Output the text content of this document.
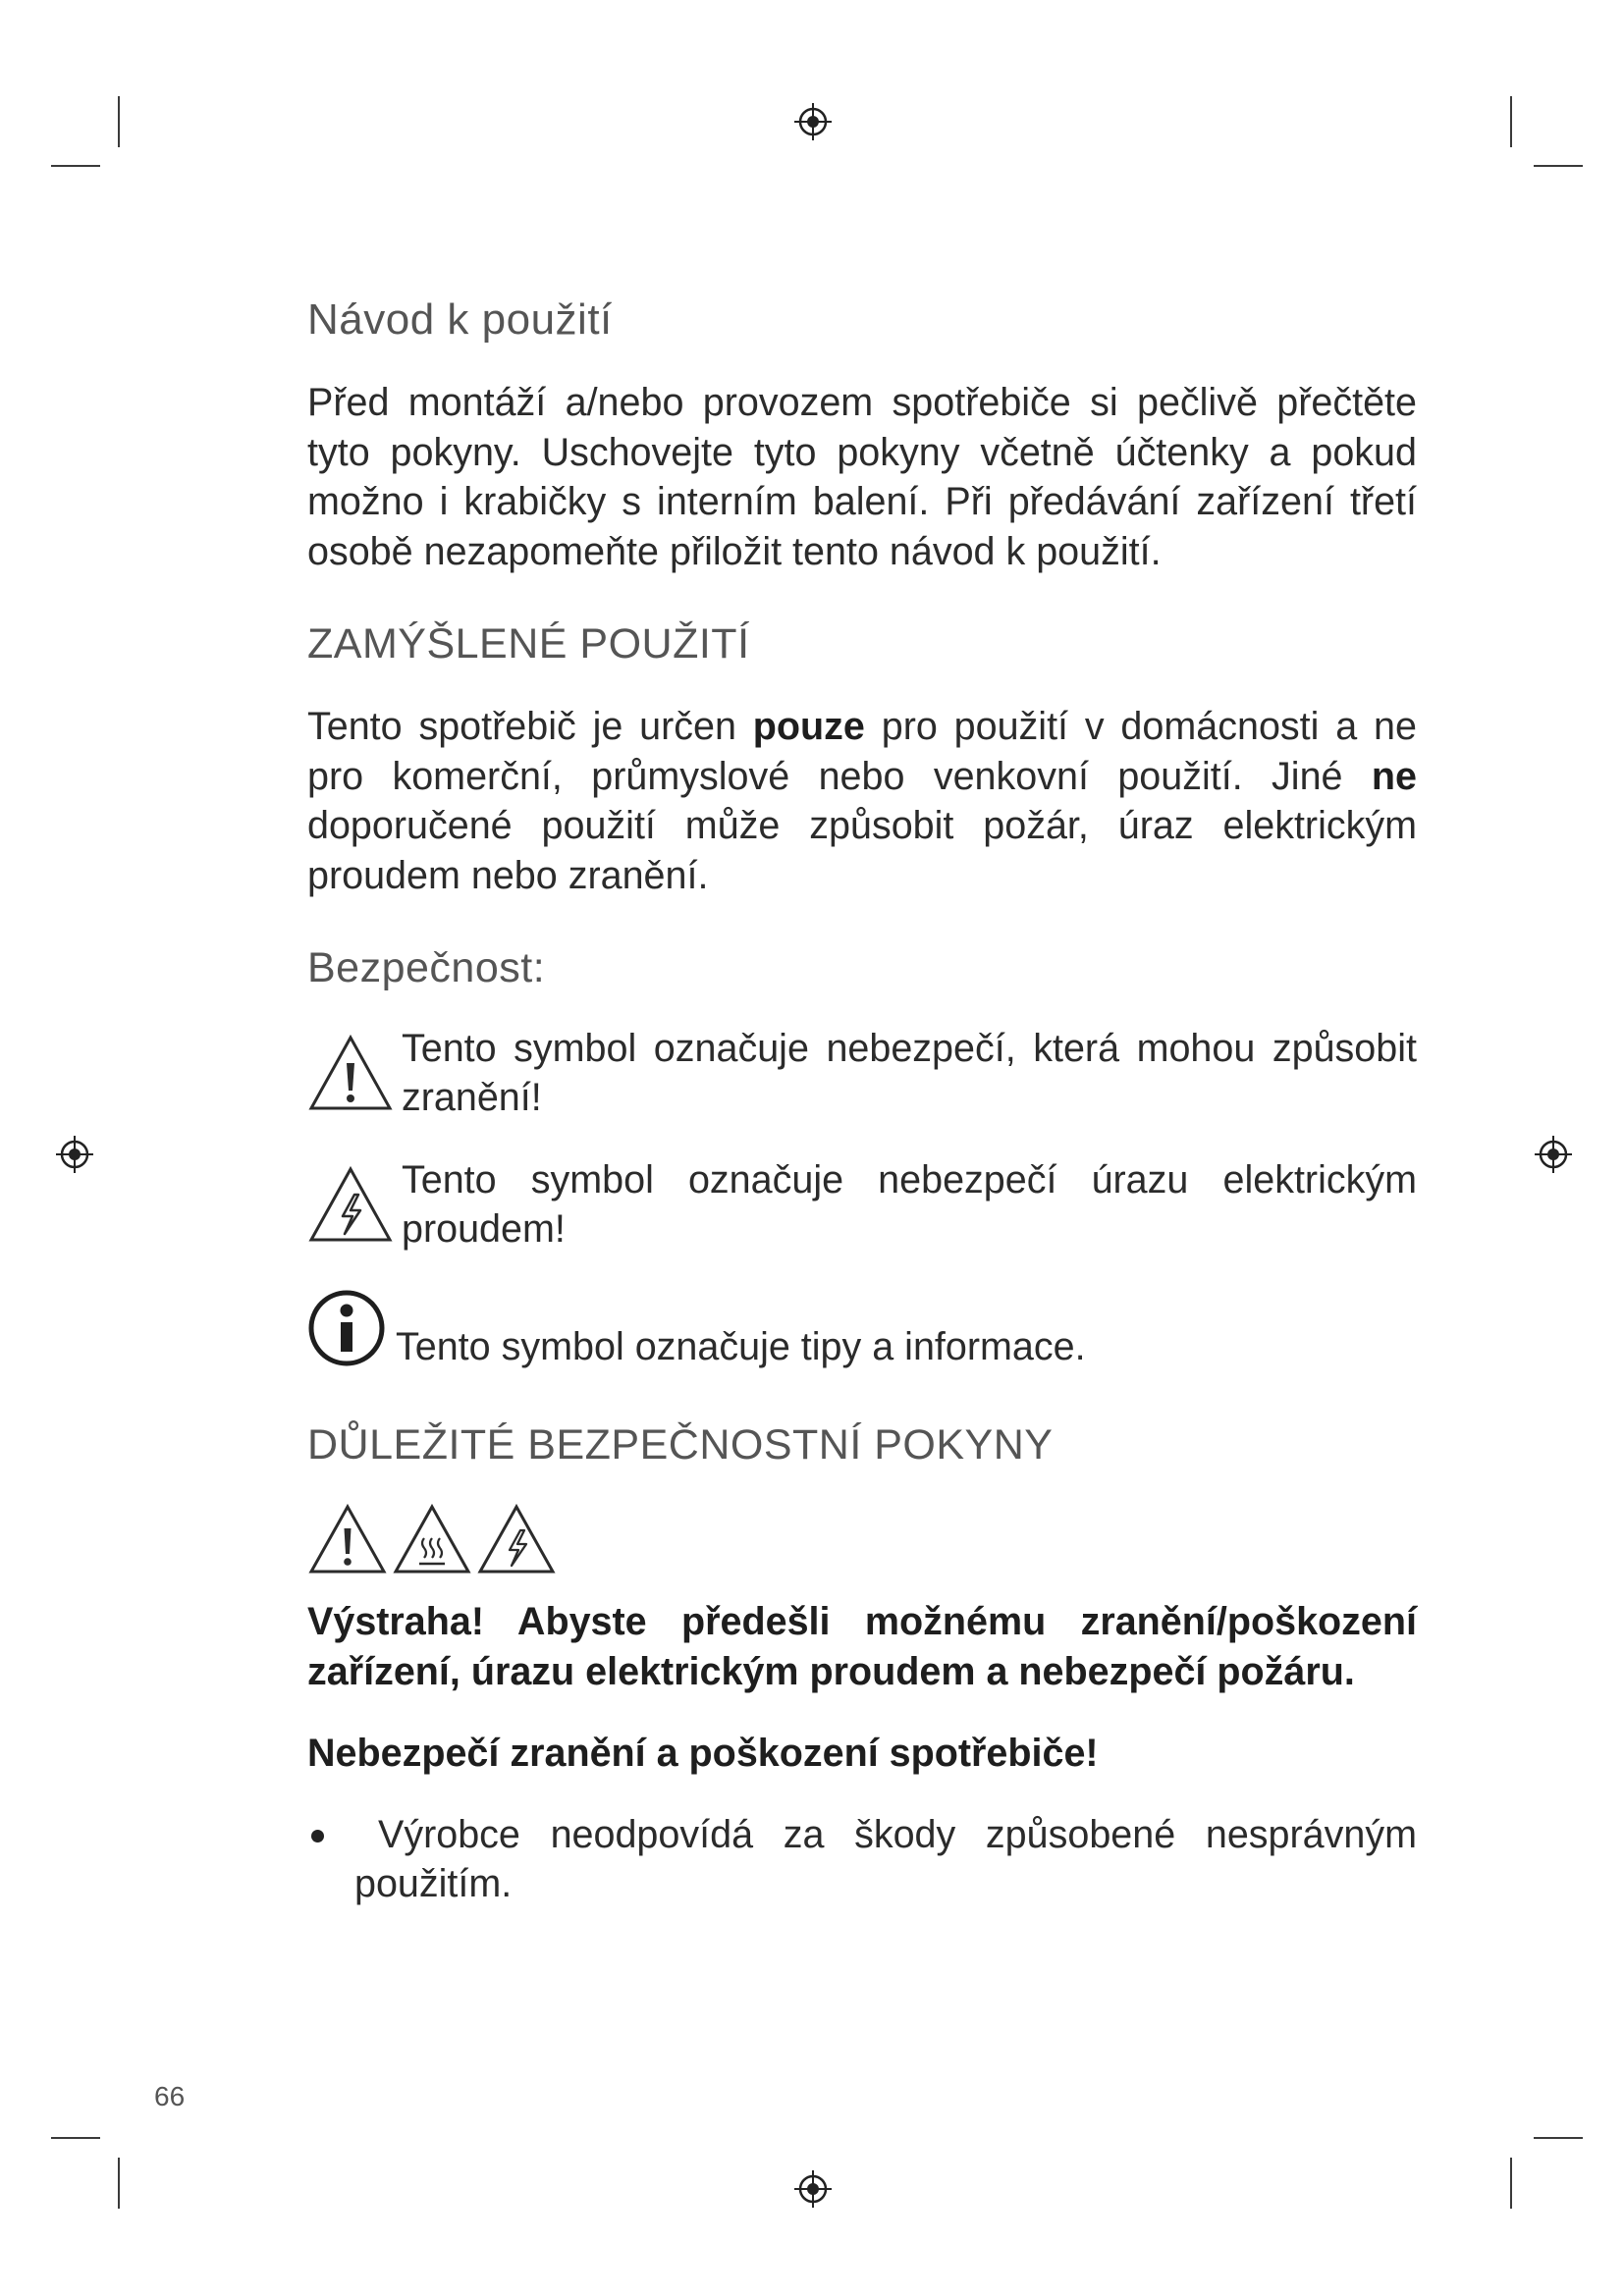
Návod k použití

Před montáží a/nebo provozem spotřebiče si pečlivě přečtěte tyto pokyny. Uschovejte tyto pokyny včetně účtenky a pokud možno i krabičky s interním balení. Při předávání zařízení třetí osobě nezapomeňte přiložit tento návod k použití.

ZAMÝŠLENÉ POUŽITÍ

Tento spotřebič je určen pouze pro použití v domácnosti a ne pro komerční, průmyslové nebo venkovní použití. Jiné ne doporučené použití může způsobit požár, úraz elektrickým proudem nebo zranění.

Bezpečnost:

Tento symbol označuje nebezpečí, která mohou způsobit zranění!

Tento symbol označuje nebezpečí úrazu elektrickým proudem!

Tento symbol označuje tipy a informace.

DŮLEŽITÉ BEZPEČNOSTNÍ POKYNY

Výstraha! Abyste předešli možnému zranění/poškození zařízení, úrazu elektrickým proudem a nebezpečí požáru.

Nebezpečí zranění a poškození spotřebiče!

Výrobce neodpovídá za škody způsobené nesprávným použitím.

66
